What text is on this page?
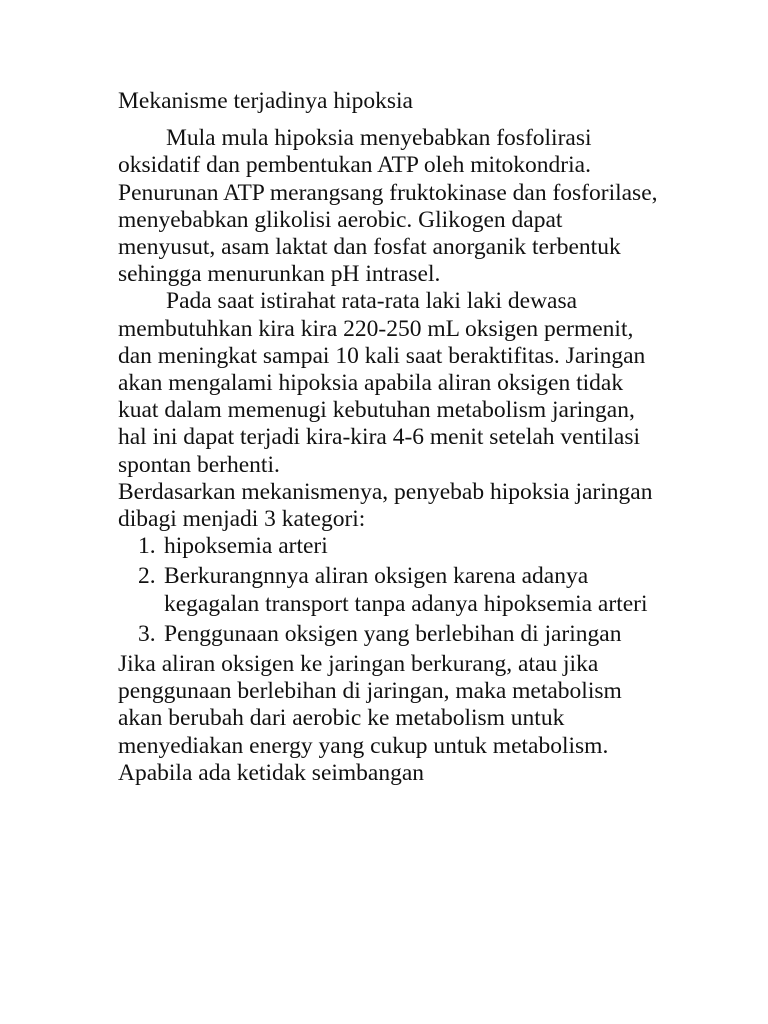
Mekanisme terjadinya hipoksia

Mula mula hipoksia menyebabkan fosfolirasi oksidatif dan pembentukan ATP oleh mitokondria. Penurunan ATP merangsang fruktokinase dan fosforilase, menyebabkan glikolisi aerobic. Glikogen dapat menyusut, asam laktat dan fosfat anorganik terbentuk sehingga menurunkan pH intrasel.

Pada saat istirahat rata-rata laki laki dewasa membutuhkan kira kira 220-250 mL oksigen permenit, dan meningkat sampai 10 kali saat beraktifitas. Jaringan akan mengalami hipoksia apabila aliran oksigen tidak kuat dalam memenugi kebutuhan metabolism jaringan, hal ini dapat terjadi kira-kira 4-6 menit setelah ventilasi spontan berhenti.

Berdasarkan mekanismenya, penyebab hipoksia jaringan dibagi menjadi 3 kategori:

1. hipoksemia arteri
2. Berkurangnnya aliran oksigen karena adanya kegagalan transport tanpa adanya hipoksemia arteri
3. Penggunaan oksigen yang berlebihan di jaringan

Jika aliran oksigen ke jaringan berkurang, atau jika penggunaan berlebihan di jaringan, maka metabolism akan berubah dari aerobic ke metabolism untuk menyediakan energy yang cukup untuk metabolism. Apabila ada ketidak seimbangan
